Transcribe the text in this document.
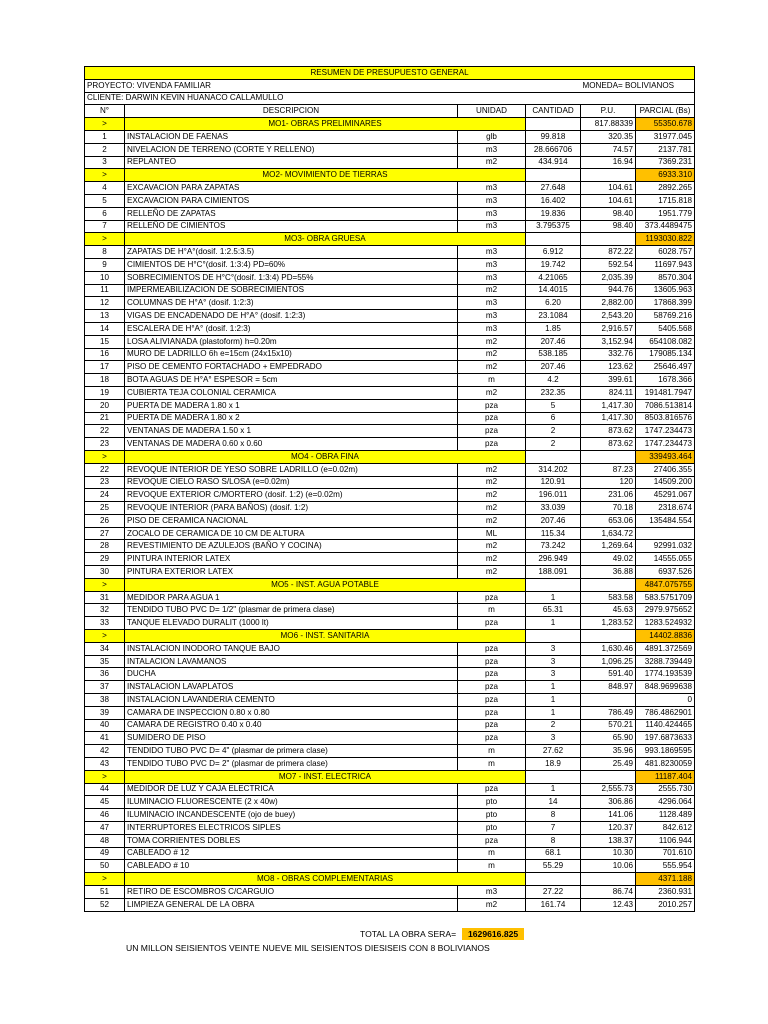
RESUMEN DE PRESUPUESTO GENERAL					
PROYECTO: VIVENDA FAMILIAR				MONEDA= BOLIVIANOS	
CLIENTE: DARWIN KEVIN HUANACO CALLAMULLO					
N°	DESCRIPCION	UNIDAD	CANTIDAD	P.U.	PARCIAL (Bs)
>	MO1- OBRAS PRELIMINARES			817.88339	55350.678
1	INSTALACION DE FAENAS	glb	99.818	320.35	31977.045
2	NIVELACION DE TERRENO (CORTE Y RELLENO)	m3	28.666706	74.57	2137.781
3	REPLANTEO	m2	434.914	16.94	7369.231
>	MO2- MOVIMIENTO DE TIERRAS				6933.310
4	EXCAVACION PARA ZAPATAS	m3	27.648	104.61	2892.265
5	EXCAVACION PARA CIMIENTOS	m3	16.402	104.61	1715.818
6	RELLEÑO DE ZAPATAS	m3	19.836	98.40	1951.779
7	RELLEÑO DE CIMIENTOS	m3	3.795375	98.40	373.4489475
>	MO3- OBRA GRUESA				1193030.822
8	ZAPATAS DE H°A°(dosif. 1:2.5:3.5)	m3	6.912	872.22	6028.757
9	CIMIENTOS DE H°C°(dosif. 1:3:4) PD=60%	m3	19.742	592.54	11697.943
10	SOBRECIMIENTOS DE H°C°(dosif. 1:3:4) PD=55%	m3	4.21065	2,035.39	8570.304
11	IMPERMEABILIZACION DE SOBRECIMIENTOS	m2	14.4015	944.76	13605.963
12	COLUMNAS DE H°A° (dosif. 1:2:3)	m3	6.20	2,882.00	17868.399
13	VIGAS DE ENCADENADO DE H°A° (dosif. 1:2:3)	m3	23.1084	2,543.20	58769.216
14	ESCALERA DE H°A° (dosif. 1:2:3)	m3	1.85	2,916.57	5405.568
15	LOSA ALIVIANADA (plastoform) h=0.20m	m2	207.46	3,152.94	654108.082
16	MURO DE LADRILLO 6h e=15cm (24x15x10)	m2	538.185	332.76	179085.134
17	PISO DE CEMENTO FORTACHADO + EMPEDRADO	m2	207.46	123.62	25646.497
18	BOTA AGUAS DE H°A° ESPESOR = 5cm	m	4.2	399.61	1678.366
19	CUBIERTA TEJA COLONIAL CERAMICA	m2	232.35	824.11	191481.7947
20	PUERTA DE MADERA 1.80 x 1	pza	5	1,417.30	7086.513814
21	PUERTA DE MADERA 1.80 x 2	pza	6	1,417.30	8503.816576
22	VENTANAS DE MADERA 1.50 x 1	pza	2	873.62	1747.234473
23	VENTANAS DE MADERA 0.60 x 0.60	pza	2	873.62	1747.234473
>	MO4 - OBRA FINA				339493.464
22	REVOQUE INTERIOR DE YESO SOBRE LADRILLO (e=0.02m)	m2	314.202	87.23	27406.355
23	REVOQUE CIELO RASO S/LOSA (e=0.02m)	m2	120.91	120	14509.200
24	REVOQUE EXTERIOR C/MORTERO (dosif. 1:2) (e=0.02m)	m2	196.011	231.06	45291.067
25	REVOQUE INTERIOR (PARA BAÑOS) (dosif. 1:2)	m2	33.039	70.18	2318.674
26	PISO DE CERAMICA NACIONAL	m2	207.46	653.06	135484.554
27	ZOCALO DE CERAMICA DE 10 CM DE ALTURA	ML	115.34	1,634.72	
28	REVESTIMIENTO DE AZULEJOS (BAÑO Y COCINA)	m2	73.242	1,269.64	92991.032
29	PINTURA INTERIOR LATEX	m2	296.949	49.02	14555.055
30	PINTURA EXTERIOR LATEX	m2	188.091	36.88	6937.526
>	MO5 - INST. AGUA POTABLE				4847.075755
31	MEDIDOR PARA AGUA 1	pza	1	583.58	583.5751709
32	TENDIDO TUBO PVC D= 1/2" (plasmar de primera clase)	m	65.31	45.63	2979.975652
33	TANQUE ELEVADO DURALIT (1000 lt)	pza	1	1,283.52	1283.524932
>	MO6 - INST. SANITARIA				14402.8836
34	INSTALACION INODORO TANQUE BAJO	pza	3	1,630.46	4891.372569
35	INTALACION LAVAMANOS	pza	3	1,096.25	3288.739449
36	DUCHA	pza	3	591.40	1774.193539
37	INSTALACION LAVAPLATOS	pza	1	848.97	848.9699638
38	INSTALACION LAVANDERIA CEMENTO	pza	1		0
39	CAMARA DE INSPECCION 0.80 x 0.80	pza	1	786.49	786.4862901
40	CAMARA DE REGISTRO 0.40 x 0.40	pza	2	570.21	1140.424465
41	SUMIDERO DE PISO	pza	3	65.90	197.6873633
42	TENDIDO TUBO PVC D= 4" (plasmar de primera clase)	m	27.62	35.96	993.1869595
43	TENDIDO TUBO PVC D= 2" (plasmar de primera clase)	m	18.9	25.49	481.8230059
>	MO7 - INST. ELECTRICA				11187.404
44	MEDIDOR DE LUZ Y CAJA ELECTRICA	pza	1	2,555.73	2555.730
45	ILUMINACIO FLUORESCENTE (2 x 40w)	pto	14	306.86	4296.064
46	ILUMINACIO INCANDESCENTE (ojo de buey)	pto	8	141.06	1128.489
47	INTERRUPTORES ELECTRICOS SIPLES	pto	7	120.37	842.612
48	TOMA CORRIENTES DOBLES	pza	8	138.37	1106.944
49	CABLEADO # 12	m	68.1	10.30	701.610
50	CABLEADO # 10	m	55.29	10.06	555.954
>	MO8 - OBRAS COMPLEMENTARIAS				4371.188
51	RETIRO DE ESCOMBROS C/CARGUIO	m3	27.22	86.74	2360.931
52	LIMPIEZA GENERAL DE LA OBRA	m2	161.74	12.43	2010.257
TOTAL LA OBRA SERA=	1629616.825
UN MILLON SEISIENTOS VEINTE NUEVE MIL SEISIENTOS DIESISEIS CON 8 BOLIVIANOS
